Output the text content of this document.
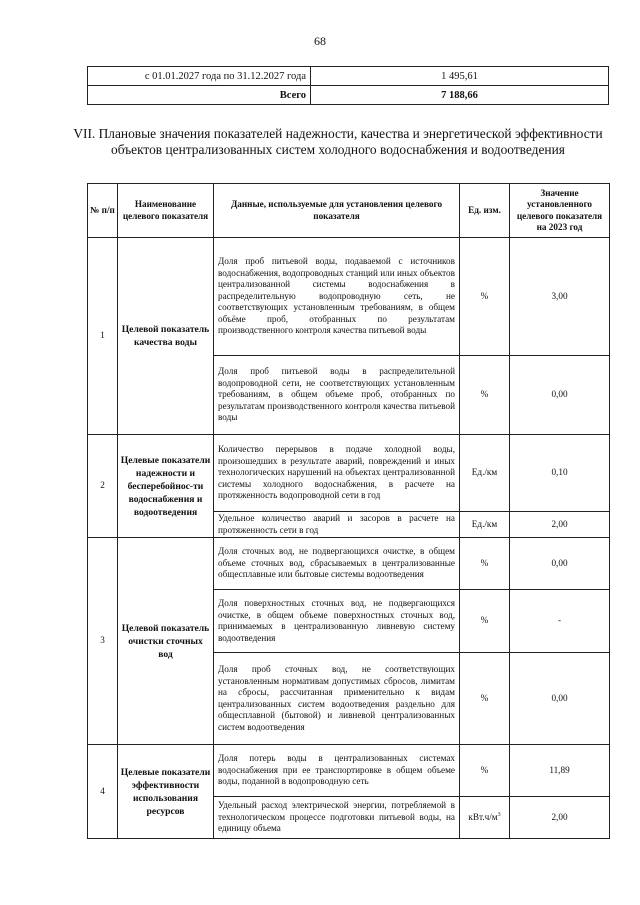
68
с 01.01.2027 года по 31.12.2027 года	1 495,61
Всего	7 188,66
VII. Плановые значения показателей надежности, качества и энергетической эффективности объектов централизованных систем холодного водоснабжения и водоотведения
№ п/п	Наименование целевого показателя	Данные, используемые для установления целевого показателя	Ед. изм.	Значение установленного целевого показателя на 2023 год
1	Целевой показатель качества воды	Доля проб питьевой воды, подаваемой с источников водоснабжения, водопроводных станций или иных объектов централизованной системы водоснабжения в распределительную водопроводную сеть, не соответствующих установленным требованиям, в общем объёме проб, отобранных по результатам производственного контроля качества питьевой воды	%	3,00
		Доля проб питьевой воды в распределительной водопроводной сети, не соответствующих установленным требованиям, в общем объеме проб, отобранных по результатам производственного контроля качества питьевой воды	%	0,00
2	Целевые показатели надежности и бесперебойнос-ти водоснабжения и водоотведения	Количество перерывов в подаче холодной воды, произошедших в результате аварий, повреждений и иных технологических нарушений на объектах централизованной системы холодного водоснабжения, в расчете на протяженность водопроводной сети в год	Ед./км	0,10
		Удельное количество аварий и засоров в расчете на протяженность сети в год	Ед./км	2,00
3	Целевой показатель очистки сточных вод	Доля сточных вод, не подвергающихся очистке, в общем объеме сточных вод, сбрасываемых в централизованные общесплавные или бытовые системы водоотведения	%	0,00
		Доля поверхностных сточных вод, не подвергающихся очистке, в общем объеме поверхностных сточных вод, принимаемых в централизованную ливневую систему водоотведения	%	-
		Доля проб сточных вод, не соответствующих установленным нормативам допустимых сбросов, лимитам на сбросы, рассчитанная применительно к видам централизованных систем водоотведения раздельно для общесплавной (бытовой) и ливневой централизованных систем водоотведения	%	0,00
4	Целевые показатели эффективности использования ресурсов	Доля потерь воды в централизованных системах водоснабжения при ее транспортировке в общем объеме воды, поданной в водопроводную сеть	%	11,89
		Удельный расход электрической энергии, потребляемой в технологическом процессе подготовки питьевой воды, на единицу объема	$кВт.ч/м^3$	2,00
